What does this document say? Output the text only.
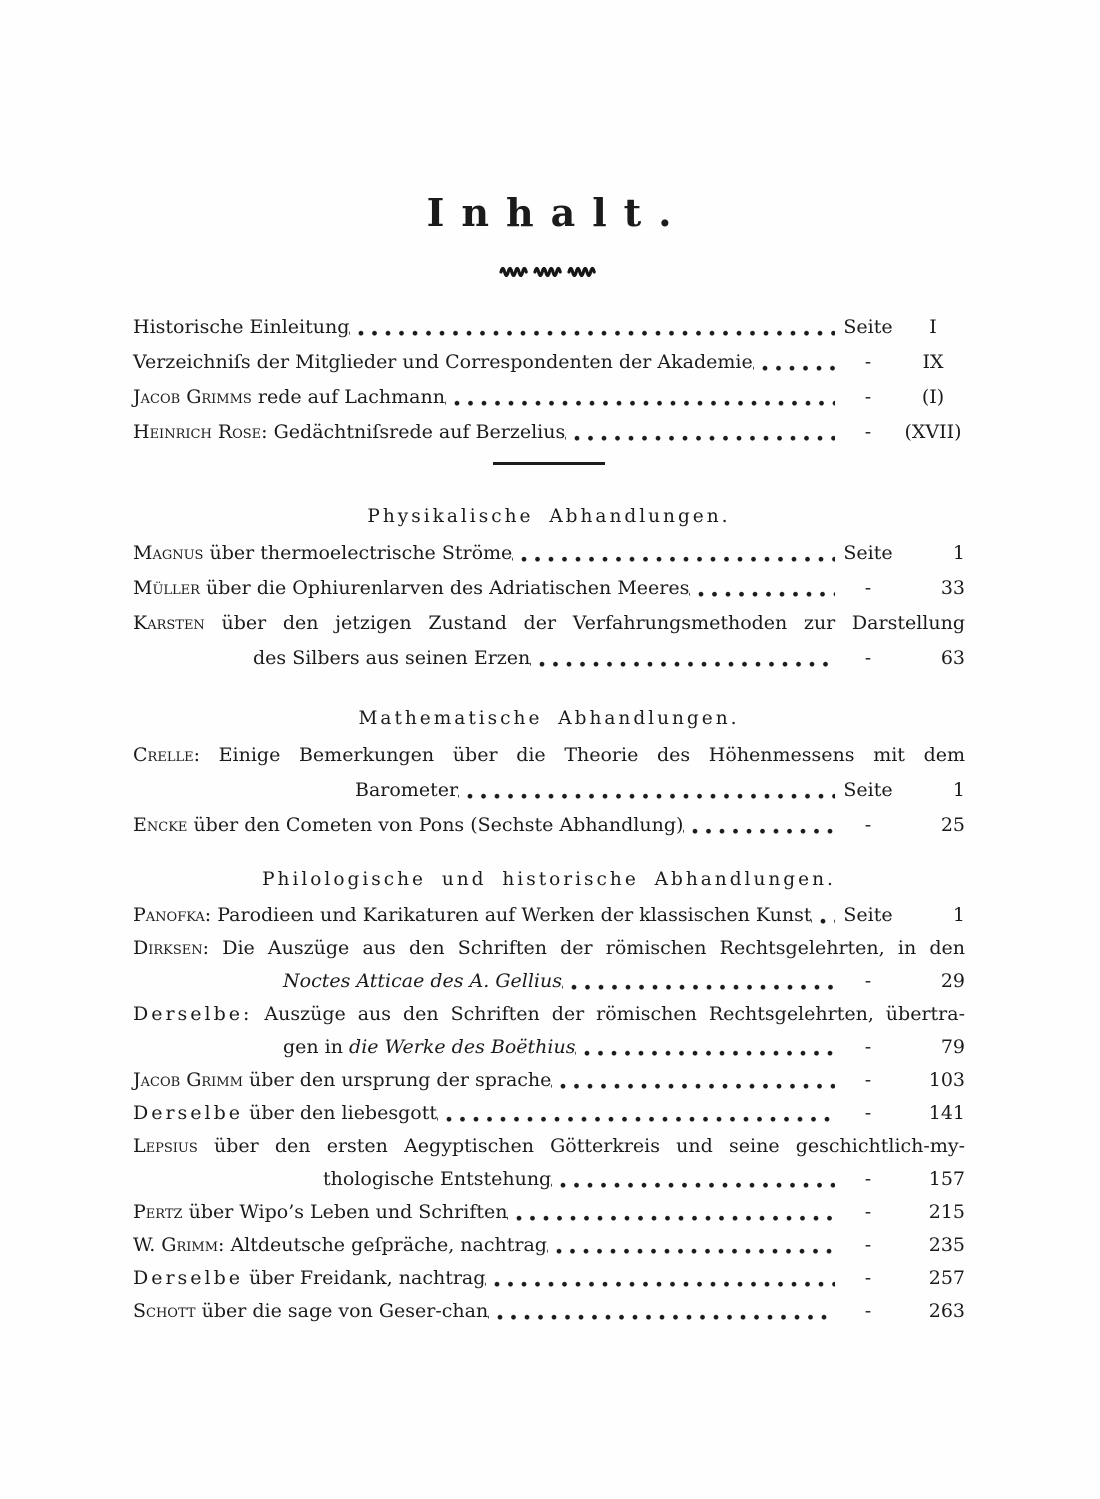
Inhalt.
Historische Einleitung	Seite	I
Verzeichniſs der Mitglieder und Correspondenten der Akademie	-	IX
Jacob Grimms rede auf Lachmann	-	(I)
Heinrich Rose: Gedächtniſsrede auf Berzelius	-	(XVII)
Physikalische Abhandlungen.
Magnus über thermoelectrische Ströme	Seite	1
Müller über die Ophiurenlarven des Adriatischen Meeres	-	33
Karsten über den jetzigen Zustand der Verfahrungsmethoden zur Darstellung
des Silbers aus seinen Erzen	-	63
Mathematische Abhandlungen.
Crelle: Einige Bemerkungen über die Theorie des Höhenmessens mit dem
Barometer	Seite	1
Encke über den Cometen von Pons (Sechste Abhandlung)	-	25
Philologische und historische Abhandlungen.
Panofka: Parodieen und Karikaturen auf Werken der klassischen Kunst	Seite	1
Dirksen: Die Auszüge aus den Schriften der römischen Rechtsgelehrten, in den
Noctes Atticae des A. Gellius	-	29
Derselbe: Auszüge aus den Schriften der römischen Rechtsgelehrten, übertra-
gen in die Werke des Boëthius	-	79
Jacob Grimm über den ursprung der sprache	-	103
Derselbe über den liebesgott	-	141
Lepsius über den ersten Aegyptischen Götterkreis und seine geschichtlich-my-
thologische Entstehung	-	157
Pertz über Wipo’s Leben und Schriften	-	215
W. Grimm: Altdeutsche geſpräche, nachtrag	-	235
Derselbe über Freidank, nachtrag	-	257
Schott über die sage von Geser-chan	-	263
